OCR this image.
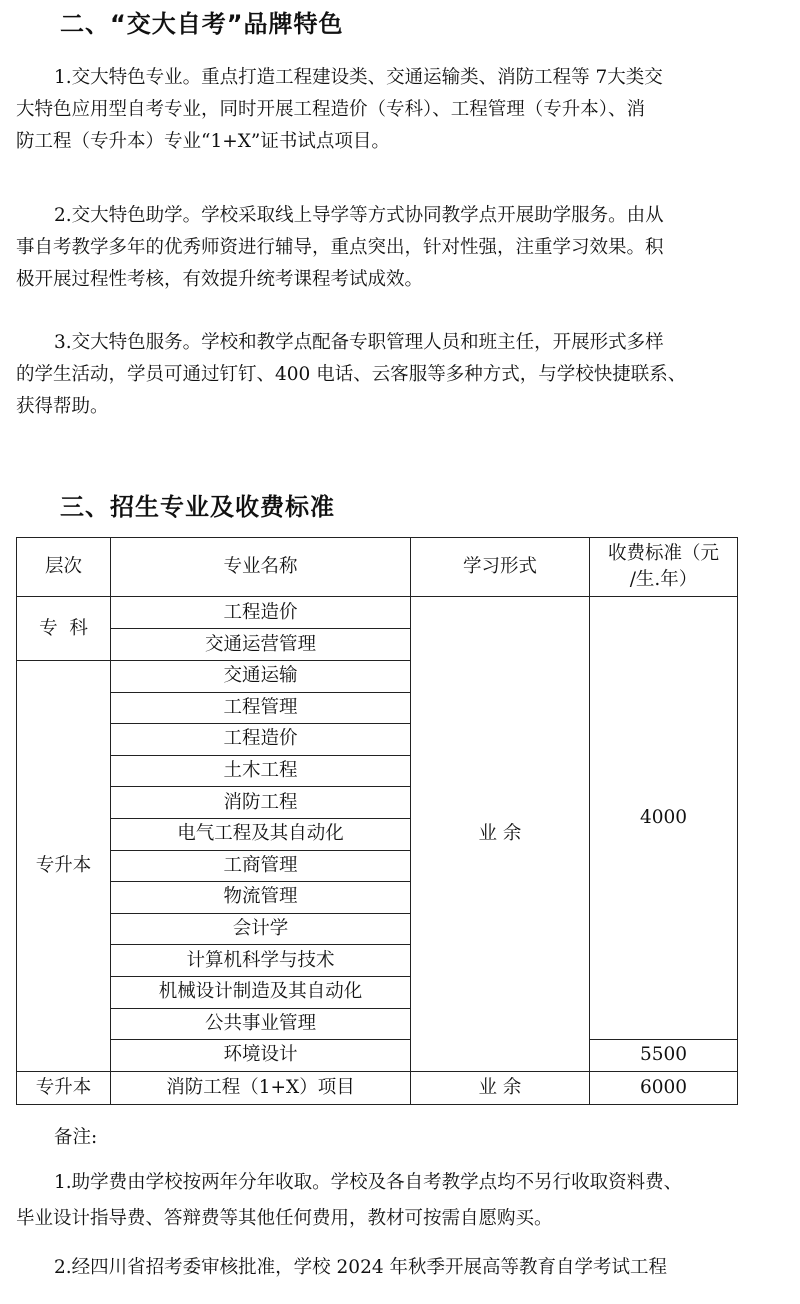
二、“交大自考”品牌特色
1.交大特色专业。重点打造工程建设类、交通运输类、消防工程等 7大类交
大特色应用型自考专业，同时开展工程造价（专科）、工程管理（专升本）、消
防工程（专升本）专业“1+X”证书试点项目。
2.交大特色助学。学校采取线上导学等方式协同教学点开展助学服务。由从
事自考教学多年的优秀师资进行辅导，重点突出，针对性强，注重学习效果。积
极开展过程性考核，有效提升统考课程考试成效。
3.交大特色服务。学校和教学点配备专职管理人员和班主任，开展形式多样
的学生活动，学员可通过钉钉、400 电话、云客服等多种方式，与学校快捷联系、
获得帮助。
三、招生专业及收费标准
层次	专业名称	学习形式	收费标准（元
/生.年）
专  科	工程造价	业 余	4000
	交通运营管理		
专升本	交通运输		
	工程管理		
	工程造价		
	土木工程		
	消防工程		
	电气工程及其自动化		
	工商管理		
	物流管理		
	会计学		
	计算机科学与技术		
	机械设计制造及其自动化		
	公共事业管理		
	环境设计		5500
专升本	消防工程（1+X）项目	业 余	6000
备注:
1.助学费由学校按两年分年收取。学校及各自考教学点均不另行收取资料费、
毕业设计指导费、答辩费等其他任何费用，教材可按需自愿购买。
2.经四川省招考委审核批准，学校 2024 年秋季开展高等教育自学考试工程
